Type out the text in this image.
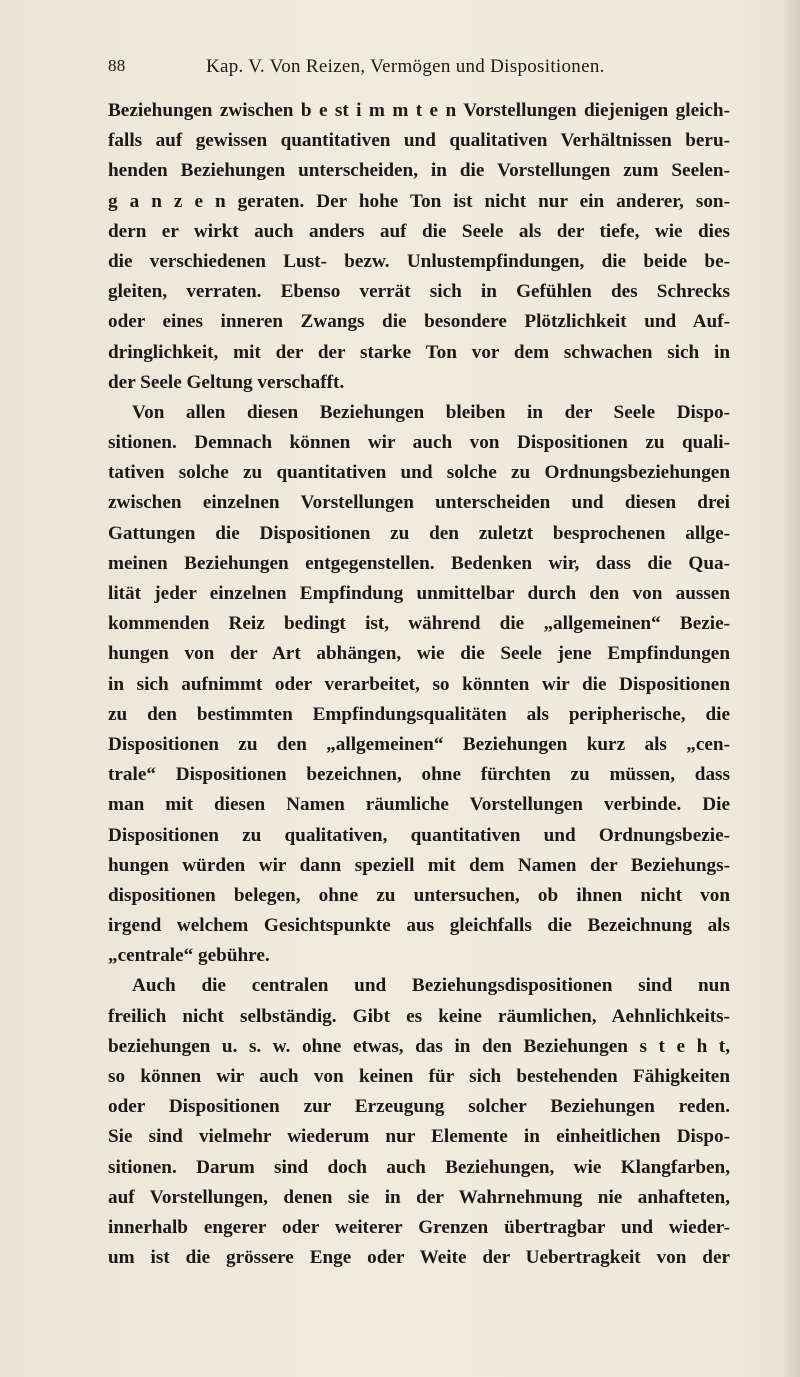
88	Kap. V. Von Reizen, Vermögen und Dispositionen.
Beziehungen zwischen b e st i m m t e n Vorstellungen diejenigen gleich-
falls auf gewissen quantitativen und qualitativen Verhältnissen beru-
henden Beziehungen unterscheiden, in die Vorstellungen zum Seelen-
g a n z e n geraten. Der hohe Ton ist nicht nur ein anderer, son-
dern er wirkt auch anders auf die Seele als der tiefe, wie dies
die verschiedenen Lust- bezw. Unlustempfindungen, die beide be-
gleiten, verraten. Ebenso verrät sich in Gefühlen des Schrecks
oder eines inneren Zwangs die besondere Plötzlichkeit und Auf-
dringlichkeit, mit der der starke Ton vor dem schwachen sich in
der Seele Geltung verschafft.
Von allen diesen Beziehungen bleiben in der Seele Dispo-
sitionen. Demnach können wir auch von Dispositionen zu quali-
tativen solche zu quantitativen und solche zu Ordnungsbeziehungen
zwischen einzelnen Vorstellungen unterscheiden und diesen drei
Gattungen die Dispositionen zu den zuletzt besprochenen allge-
meinen Beziehungen entgegenstellen. Bedenken wir, dass die Qua-
lität jeder einzelnen Empfindung unmittelbar durch den von aussen
kommenden Reiz bedingt ist, während die „allgemeinen“ Bezie-
hungen von der Art abhängen, wie die Seele jene Empfindungen
in sich aufnimmt oder verarbeitet, so könnten wir die Dispositionen
zu den bestimmten Empfindungsqualitäten als peripherische, die
Dispositionen zu den „allgemeinen“ Beziehungen kurz als „cen-
trale“ Dispositionen bezeichnen, ohne fürchten zu müssen, dass
man mit diesen Namen räumliche Vorstellungen verbinde. Die
Dispositionen zu qualitativen, quantitativen und Ordnungsbezie-
hungen würden wir dann speziell mit dem Namen der Beziehungs-
dispositionen belegen, ohne zu untersuchen, ob ihnen nicht von
irgend welchem Gesichtspunkte aus gleichfalls die Bezeichnung als
„centrale“ gebühre.
Auch die centralen und Beziehungsdispositionen sind nun
freilich nicht selbständig. Gibt es keine räumlichen, Aehnlichkeits-
beziehungen u. s. w. ohne etwas, das in den Beziehungen s t e h t,
so können wir auch von keinen für sich bestehenden Fähigkeiten
oder Dispositionen zur Erzeugung solcher Beziehungen reden.
Sie sind vielmehr wiederum nur Elemente in einheitlichen Dispo-
sitionen. Darum sind doch auch Beziehungen, wie Klangfarben,
auf Vorstellungen, denen sie in der Wahrnehmung nie anhafteten,
innerhalb engerer oder weiterer Grenzen übertragbar und wieder-
um ist die grössere Enge oder Weite der Uebertragkeit von der
